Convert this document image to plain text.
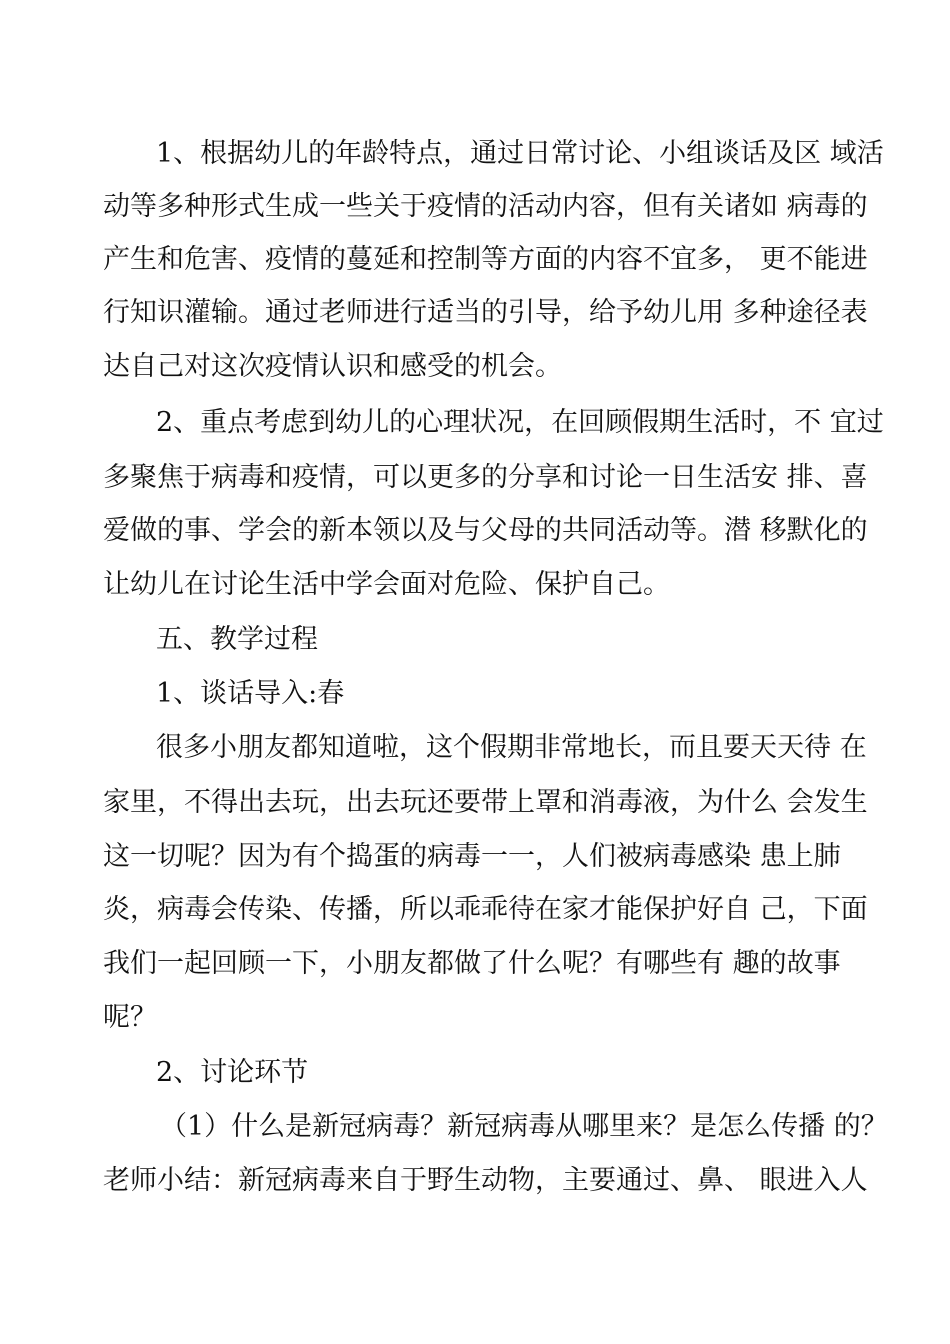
1、根据幼儿的年龄特点，通过日常讨论、小组谈话及区 域活
动等多种形式生成一些关于疫情的活动内容，但有关诸如 病毒的
产生和危害、疫情的蔓延和控制等方面的内容不宜多， 更不能进
行知识灌输。通过老师进行适当的引导，给予幼儿用 多种途径表
达自己对这次疫情认识和感受的机会。
2、重点考虑到幼儿的心理状况，在回顾假期生活时，不 宜过
多聚焦于病毒和疫情，可以更多的分享和讨论一日生活安 排、喜
爱做的事、学会的新本领以及与父母的共同活动等。潜 移默化的
让幼儿在讨论生活中学会面对危险、保护自己。
五、教学过程
1、谈话导入:春
很多小朋友都知道啦，这个假期非常地长，而且要天天待 在
家里，不得出去玩，出去玩还要带上罩和消毒液，为什么 会发生
这一切呢？因为有个捣蛋的病毒一一，人们被病毒感染 患上肺
炎，病毒会传染、传播，所以乖乖待在家才能保护好自 己，下面
我们一起回顾一下，小朋友都做了什么呢？有哪些有 趣的故事
呢？
2、讨论环节
（1）什么是新冠病毒？新冠病毒从哪里来？是怎么传播 的？
老师小结：新冠病毒来自于野生动物，主要通过、鼻、 眼进入人
